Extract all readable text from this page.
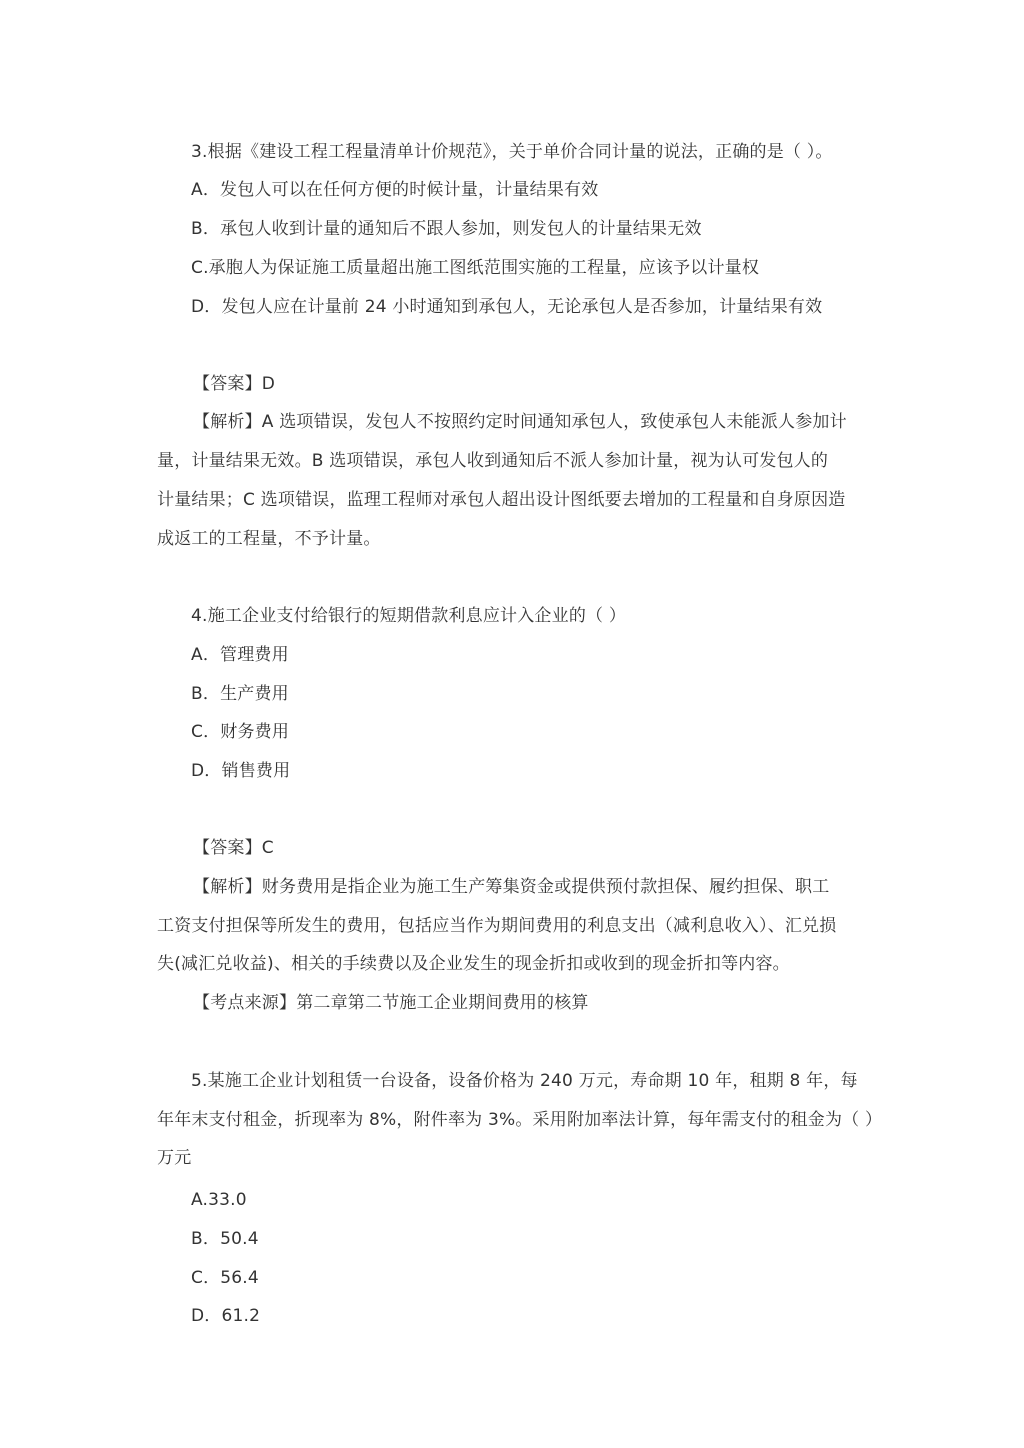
3.根据《建设工程工程量清单计价规范》，关于单价合同计量的说法，正确的是（ ）。
A．发包人可以在任何方便的时候计量，计量结果有效
B．承包人收到计量的通知后不跟人参加，则发包人的计量结果无效
C.承胞人为保证施工质量超出施工图纸范围实施的工程量，应该予以计量权
D．发包人应在计量前 24 小时通知到承包人，无论承包人是否参加，计量结果有效
【答案】D
【解析】A 选项错误，发包人不按照约定时间通知承包人，致使承包人未能派人参加计
量，计量结果无效。B 选项错误，承包人收到通知后不派人参加计量，视为认可发包人的
计量结果；C 选项错误，监理工程师对承包人超出设计图纸要去增加的工程量和自身原因造
成返工的工程量，不予计量。
4.施工企业支付给银行的短期借款利息应计入企业的（ ）
A．管理费用
B．生产费用
C．财务费用
D．销售费用
【答案】C
【解析】财务费用是指企业为施工生产筹集资金或提供预付款担保、履约担保、职工
工资支付担保等所发生的费用，包括应当作为期间费用的利息支出（减利息收入）、汇兑损
失(减汇兑收益)、相关的手续费以及企业发生的现金折扣或收到的现金折扣等内容。
【考点来源】第二章第二节施工企业期间费用的核算
5.某施工企业计划租赁一台设备，设备价格为 240 万元，寿命期 10 年，租期 8 年，每
年年末支付租金，折现率为 8%，附件率为 3%。采用附加率法计算，每年需支付的租金为（ ）
万元
A.33.0
B．50.4
C．56.4
D．61.2
